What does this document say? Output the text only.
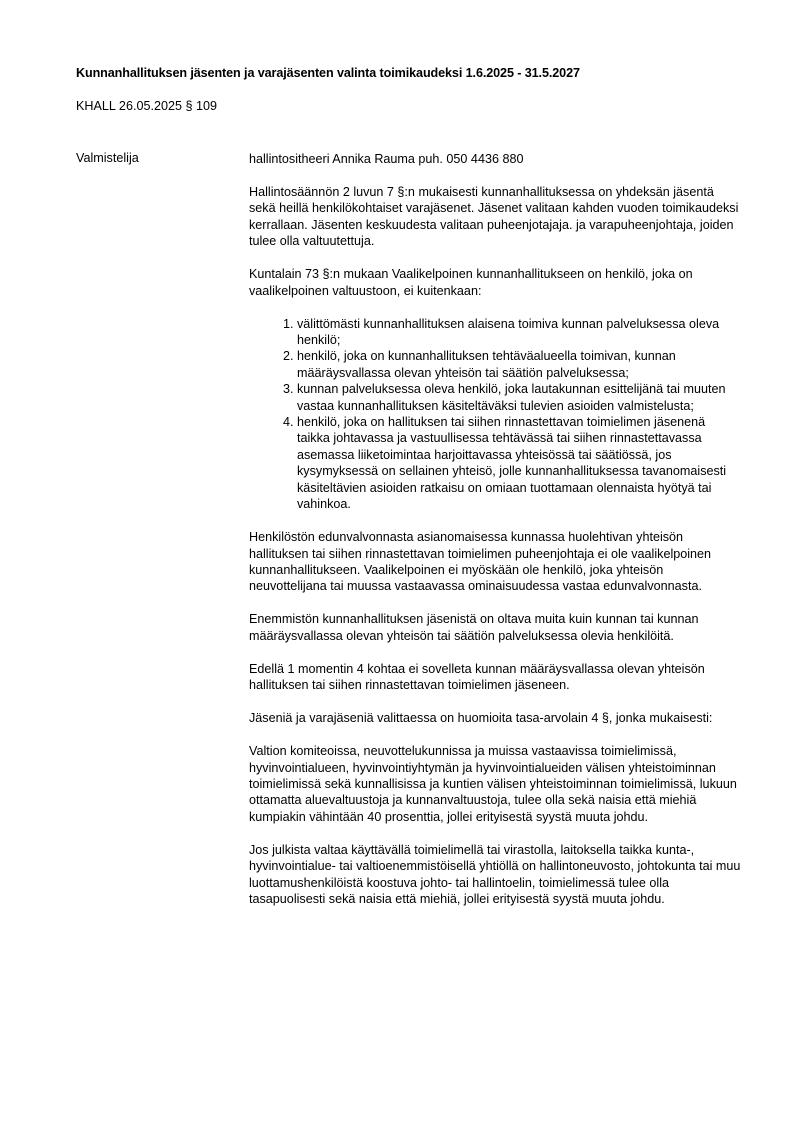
Kunnanhallituksen jäsenten ja varajäsenten valinta toimikaudeksi 1.6.2025 - 31.5.2027
KHALL 26.05.2025 § 109
Valmistelija	hallintositheeri Annika Rauma puh. 050 4436 880

Hallintosäännön 2 luvun 7 §:n mukaisesti kunnanhallituksessa on yhdeksän jäsentä sekä heillä henkilökohtaiset varajäsenet. Jäsenet valitaan kahden vuoden toimikaudeksi kerrallaan. Jäsenten keskuudesta valitaan puheenjotajaja. ja varapuheenjohtaja, joiden tulee olla valtuutettuja.

Kuntalain 73 §:n mukaan Vaalikelpoinen kunnanhallitukseen on henkilö, joka on vaalikelpoinen valtuustoon, ei kuitenkaan:

1. välittömästi kunnanhallituksen alaisena toimiva kunnan palveluksessa oleva henkilö;
2. henkilö, joka on kunnanhallituksen tehtäväalueella toimivan, kunnan määräysvallassa olevan yhteisön tai säätiön palveluksessa;
3. kunnan palveluksessa oleva henkilö, joka lautakunnan esittelijänä tai muuten vastaa kunnanhallituksen käsiteltäväksi tulevien asioiden valmistelusta;
4. henkilö, joka on hallituksen tai siihen rinnastettavan toimielimen jäsenenä taikka johtavassa ja vastuullisessa tehtävässä tai siihen rinnastettavassa asemassa liiketoimintaa harjoittavassa yhteisössä tai säätiössä, jos kysymyksessä on sellainen yhteisö, jolle kunnanhallituksessa tavanomaisesti käsiteltävien asioiden ratkaisu on omiaan tuottamaan olennaista hyötyä tai vahinkoa.

Henkilöstön edunvalvonnasta asianomaisessa kunnassa huolehtivan yhteisön hallituksen tai siihen rinnastettavan toimielimen puheenjohtaja ei ole vaalikelpoinen kunnanhallitukseen. Vaalikelpoinen ei myöskään ole henkilö, joka yhteisön neuvottelijana tai muussa vastaavassa ominaisuudessa vastaa edunvalvonnasta.

Enemmistön kunnanhallituksen jäsenistä on oltava muita kuin kunnan tai kunnan määräysvallassa olevan yhteisön tai säätiön palveluksessa olevia henkilöitä.

Edellä 1 momentin 4 kohtaa ei sovelleta kunnan määräysvallassa olevan yhteisön hallituksen tai siihen rinnastettavan toimielimen jäseneen.

Jäseniä ja varajäseniä valittaessa on huomioita tasa-arvolain 4 §, jonka mukaisesti:

Valtion komiteoissa, neuvottelukunnissa ja muissa vastaavissa toimielimissä, hyvinvointialueen, hyvinvointiyhtymän ja hyvinvointialueiden välisen yhteistoiminnan toimielimissä sekä kunnallisissa ja kuntien välisen yhteistoiminnan toimielimissä, lukuun ottamatta aluevaltuustoja ja kunnanvaltuustoja, tulee olla sekä naisia että miehiä kumpiakin vähintään 40 prosenttia, jollei erityisestä syystä muuta johdu.

Jos julkista valtaa käyttävällä toimielimellä tai virastolla, laitoksella taikka kunta-, hyvinvointialue- tai valtioenemmistöisellä yhtiöllä on hallintoneuvosto, johtokunta tai muu luottamushenkilöistä koostuva johto- tai hallintoelin, toimielimessä tulee olla tasapuolisesti sekä naisia että miehiä, jollei erityisestä syystä muuta johdu.
